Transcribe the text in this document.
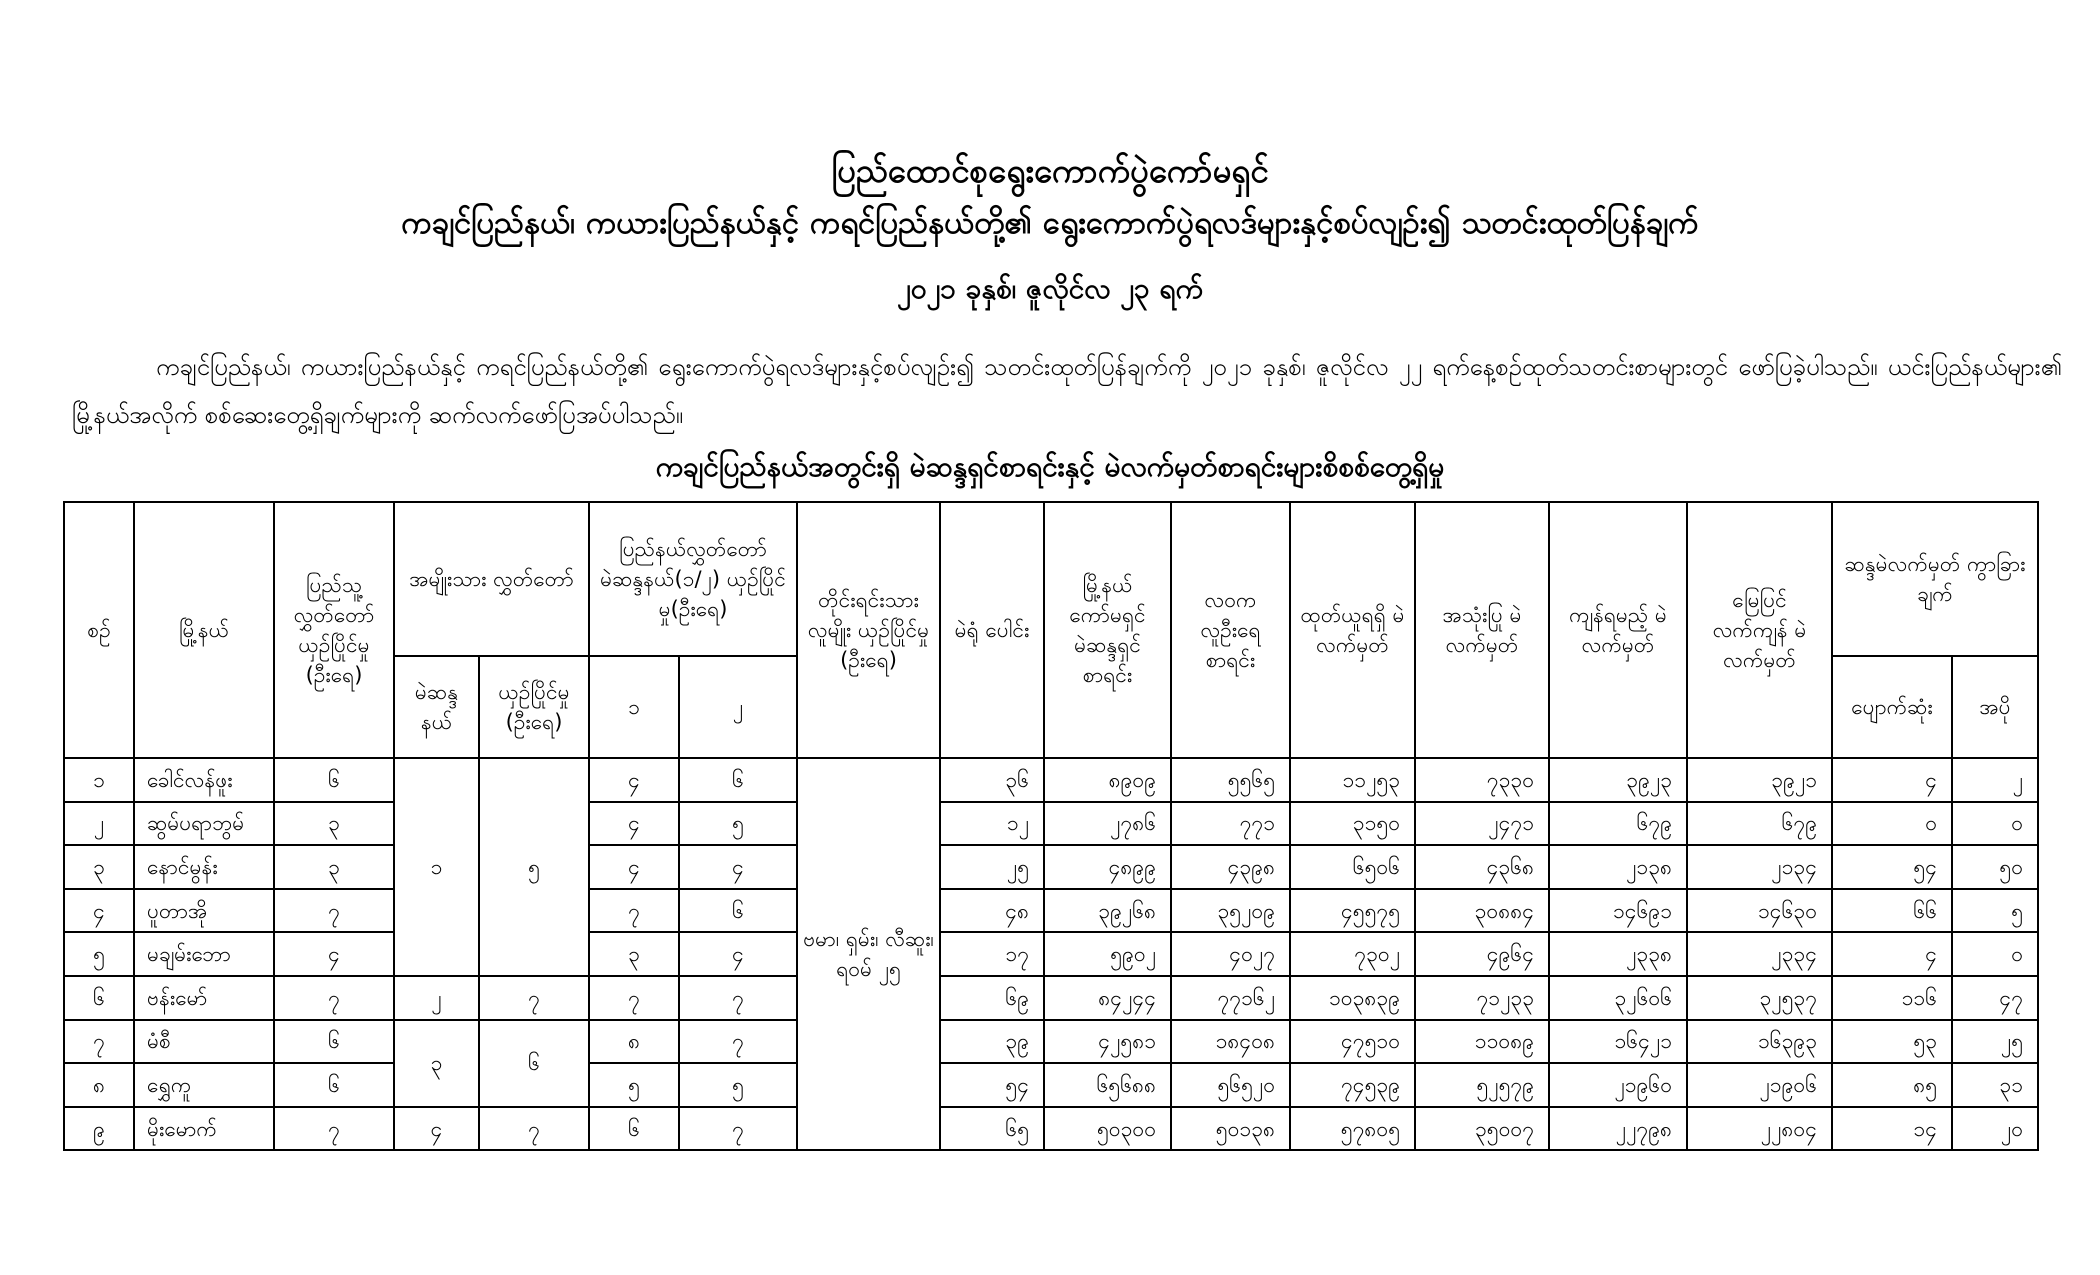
ပြည်ထောင်စုရွေးကောက်ပွဲကော်မရှင်
ကချင်ပြည်နယ်၊ ကယားပြည်နယ်နှင့် ကရင်ပြည်နယ်တို့၏ ရွေးကောက်ပွဲရလဒ်များနှင့်စပ်လျဉ်း၍ သတင်းထုတ်ပြန်ချက်
၂၀၂၁ ခုနှစ်၊ ဇူလိုင်လ ၂၃ ရက်
ကချင်ပြည်နယ်၊ ကယားပြည်နယ်နှင့် ကရင်ပြည်နယ်တို့၏ ရွေးကောက်ပွဲရလဒ်များနှင့်စပ်လျဉ်း၍ သတင်းထုတ်ပြန်ချက်ကို ၂၀၂၁ ခုနှစ်၊ ဇူလိုင်လ ၂၂ ရက်နေ့စဉ်ထုတ်သတင်းစာများတွင် ဖော်ပြခဲ့ပါသည်။ ယင်းပြည်နယ်များ၏ မြို့နယ်အလိုက် စစ်ဆေးတွေ့ရှိချက်များကို ဆက်လက်ဖော်ပြအပ်ပါသည်။
ကချင်ပြည်နယ်အတွင်းရှိ မဲဆန္ဒရှင်စာရင်းနှင့် မဲလက်မှတ်စာရင်းများစိစစ်တွေ့ရှိမှု
စဉ်	မြို့နယ်	ပြည်သူ့ လွှတ်တော် ယှဉ်ပြိုင်မှု (ဦးရေ)	အမျိုးသား လွှတ်တော်		ပြည်နယ်လွှတ်တော် မဲဆန္ဒနယ်(၁/၂) ယှဉ်ပြိုင်မှု(ဦးရေ)		တိုင်းရင်းသား လူမျိုး ယှဉ်ပြိုင်မှု (ဦးရေ)	မဲရုံ ပေါင်း	မြို့နယ် ကော်မရှင် မဲဆန္ဒရှင် စာရင်း	လဝက လူဦးရေ စာရင်း	ထုတ်ယူရရှိ မဲလက်မှတ်	အသုံးပြု မဲလက်မှတ်	ကျန်ရမည့် မဲလက်မှတ်	မြေပြင် လက်ကျန် မဲလက်မှတ်	ဆန္ဒမဲလက်မှတ် ကွာခြားချက်	
			မဲဆန္ဒ နယ်	ယှဉ်ပြိုင်မှု (ဦးရေ)	၁	၂									ပျောက်ဆုံး	အပို
၁	ခေါင်လန်ဖူး	၆	၁	၅	၄	၆	ဗမာ၊ ရှမ်း၊ လီဆူး၊ ရဝမ် ၂၅	၃၆	၈၉၀၉	၅၅၆၅	၁၁၂၅၃	၇၃၃၀	၃၉၂၃	၃၉၂၁	၄	၂
၂	ဆွမ်ပရာဘွမ်	၃			၄	၅		၁၂	၂၇၈၆	၇၇၁	၃၁၅၀	၂၄၇၁	၆၇၉	၆၇၉	၀	၀
၃	နောင်မွန်း	၃			၄	၄		၂၅	၄၈၉၉	၄၃၉၈	၆၅၀၆	၄၃၆၈	၂၁၃၈	၂၁၃၄	၅၄	၅၀
၄	ပူတာအို	၇			၇	၆		၄၈	၃၉၂၆၈	၃၅၂၀၉	၄၅၅၇၅	၃၀၈၈၄	၁၄၆၉၁	၁၄၆၃၀	၆၆	၅
၅	မချမ်းဘော	၄			၃	၄		၁၇	၅၉၀၂	၄၀၂၇	၇၃၀၂	၄၉၆၄	၂၃၃၈	၂၃၃၄	၄	၀
၆	ဗန်းမော်	၇	၂	၇	၇	၇		၆၉	၈၄၂၄၄	၇၇၁၆၂	၁၀၃၈၃၉	၇၁၂၃၃	၃၂၆၀၆	၃၂၅၃၇	၁၁၆	၄၇
၇	မံစီ	၆	၃	၆	၈	၇		၃၉	၄၂၅၈၁	၁၈၄၀၈	၄၇၅၁၀	၁၁၀၈၉	၁၆၄၂၁	၁၆၃၉၃	၅၃	၂၅
၈	ရွှေကူ	၆			၅	၅		၅၄	၆၅၆၈၈	၅၆၅၂၀	၇၄၅၃၉	၅၂၅၇၉	၂၁၉၆၀	၂၁၉၀၆	၈၅	၃၁
၉	မိုးမောက်	၇	၄	၇	၆	၇		၆၅	၅၀၃၀၀	၅၀၁၃၈	၅၇၈၀၅	၃၅၀၀၇	၂၂၇၉၈	၂၂၈၀၄	၁၄	၂၀
